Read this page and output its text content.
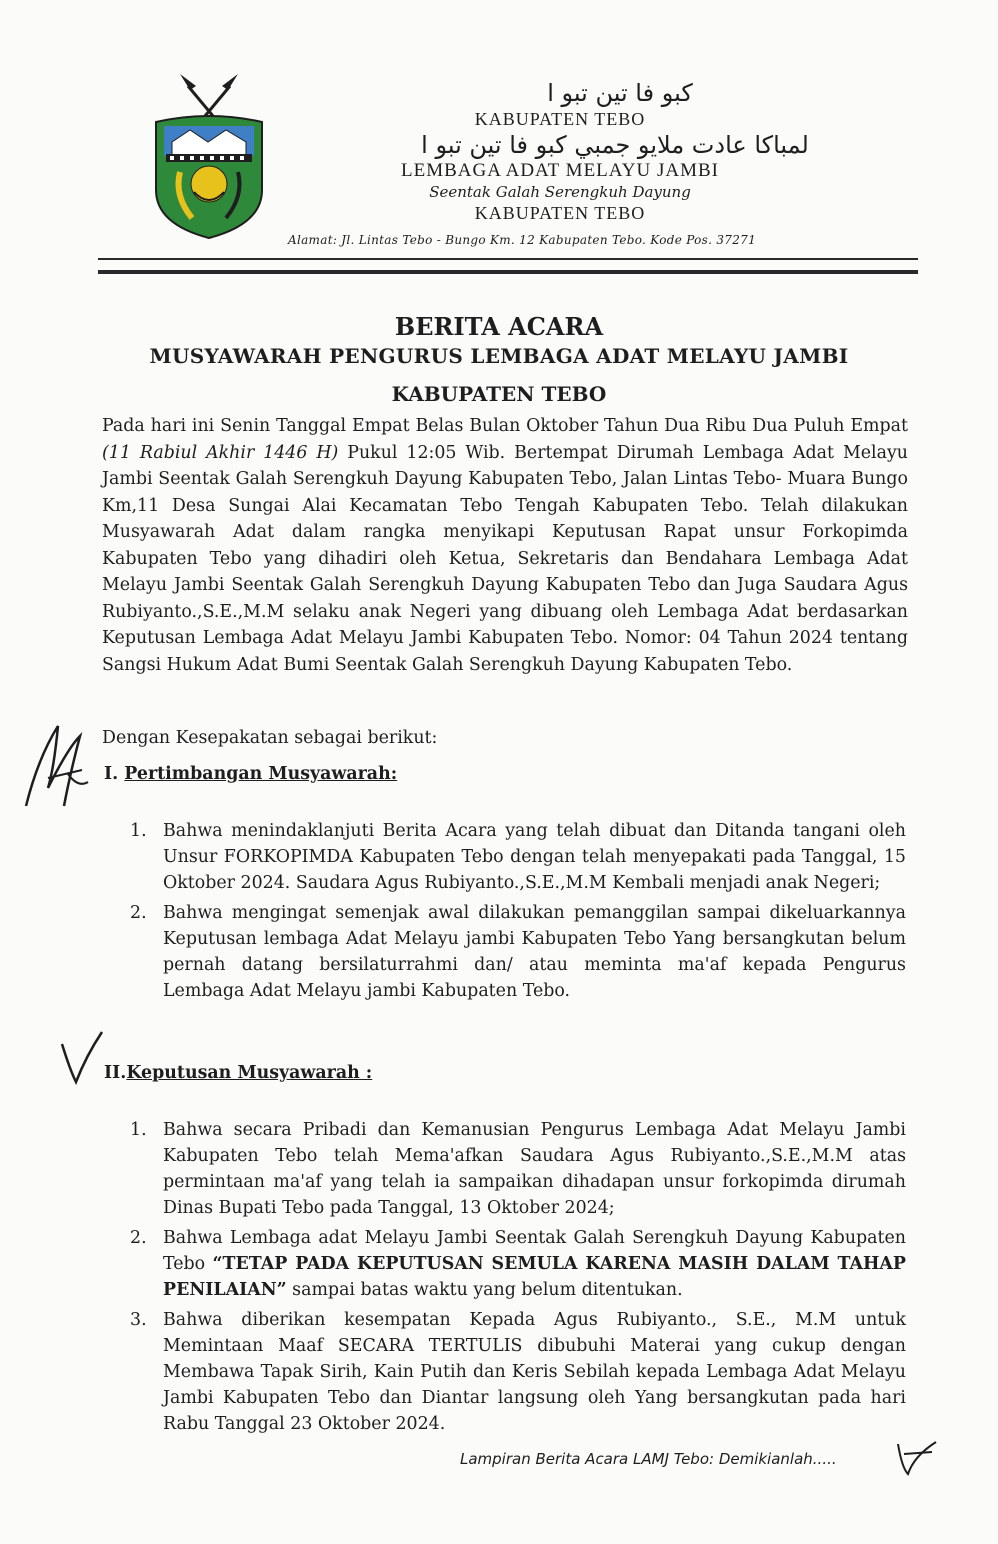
كبو فا تين تبو ا
KABUPATEN TEBO
لمباكا عادت ملايو جمبي كبو فا تين تبو ا
LEMBAGA ADAT MELAYU JAMBI
Seentak Galah Serengkuh Dayung
KABUPATEN TEBO
Alamat: Jl. Lintas Tebo - Bungo Km. 12 Kabupaten Tebo. Kode Pos. 37271
BERITA ACARA
MUSYAWARAH PENGURUS LEMBAGA ADAT MELAYU JAMBI
KABUPATEN TEBO

Pada hari ini Senin Tanggal Empat Belas Bulan Oktober Tahun Dua Ribu Dua Puluh Empat (11 Rabiul Akhir 1446 H) Pukul 12:05 Wib. Bertempat Dirumah Lembaga Adat Melayu Jambi Seentak Galah Serengkuh Dayung Kabupaten Tebo, Jalan Lintas Tebo- Muara Bungo Km,11 Desa Sungai Alai Kecamatan Tebo Tengah Kabupaten Tebo. Telah dilakukan Musyawarah Adat dalam rangka menyikapi Keputusan Rapat unsur Forkopimda Kabupaten Tebo yang dihadiri oleh Ketua, Sekretaris dan Bendahara Lembaga Adat Melayu Jambi Seentak Galah Serengkuh Dayung Kabupaten Tebo dan Juga Saudara Agus Rubiyanto.,S.E.,M.M selaku anak Negeri yang dibuang oleh Lembaga Adat berdasarkan Keputusan Lembaga Adat Melayu Jambi Kabupaten Tebo. Nomor: 04 Tahun 2024 tentang Sangsi Hukum Adat Bumi Seentak Galah Serengkuh Dayung Kabupaten Tebo.

Dengan Kesepakatan sebagai berikut:
I. Pertimbangan Musyawarah:
1. Bahwa menindaklanjuti Berita Acara yang telah dibuat dan Ditanda tangani oleh Unsur FORKOPIMDA Kabupaten Tebo dengan telah menyepakati pada Tanggal, 15 Oktober 2024. Saudara Agus Rubiyanto.,S.E.,M.M Kembali menjadi anak Negeri;
2. Bahwa mengingat semenjak awal dilakukan pemanggilan sampai dikeluarkannya Keputusan lembaga Adat Melayu jambi Kabupaten Tebo Yang bersangkutan belum pernah datang bersilaturrahmi dan/ atau meminta ma'af kepada Pengurus Lembaga Adat Melayu jambi Kabupaten Tebo.
II.Keputusan Musyawarah :
1. Bahwa secara Pribadi dan Kemanusian Pengurus Lembaga Adat Melayu Jambi Kabupaten Tebo telah Mema'afkan Saudara Agus Rubiyanto.,S.E.,M.M atas permintaan ma'af yang telah ia sampaikan dihadapan unsur forkopimda dirumah Dinas Bupati Tebo pada Tanggal, 13 Oktober 2024;
2. Bahwa Lembaga adat Melayu Jambi Seentak Galah Serengkuh Dayung Kabupaten Tebo “TETAP PADA KEPUTUSAN SEMULA KARENA MASIH DALAM TAHAP PENILAIAN” sampai batas waktu yang belum ditentukan.
3. Bahwa diberikan kesempatan Kepada Agus Rubiyanto., S.E., M.M untuk Memintaan Maaf SECARA TERTULIS dibubuhi Materai yang cukup dengan Membawa Tapak Sirih, Kain Putih dan Keris Sebilah kepada Lembaga Adat Melayu Jambi Kabupaten Tebo dan Diantar langsung oleh Yang bersangkutan pada hari Rabu Tanggal 23 Oktober 2024.
Lampiran Berita Acara LAMJ Tebo: Demikianlah.....
